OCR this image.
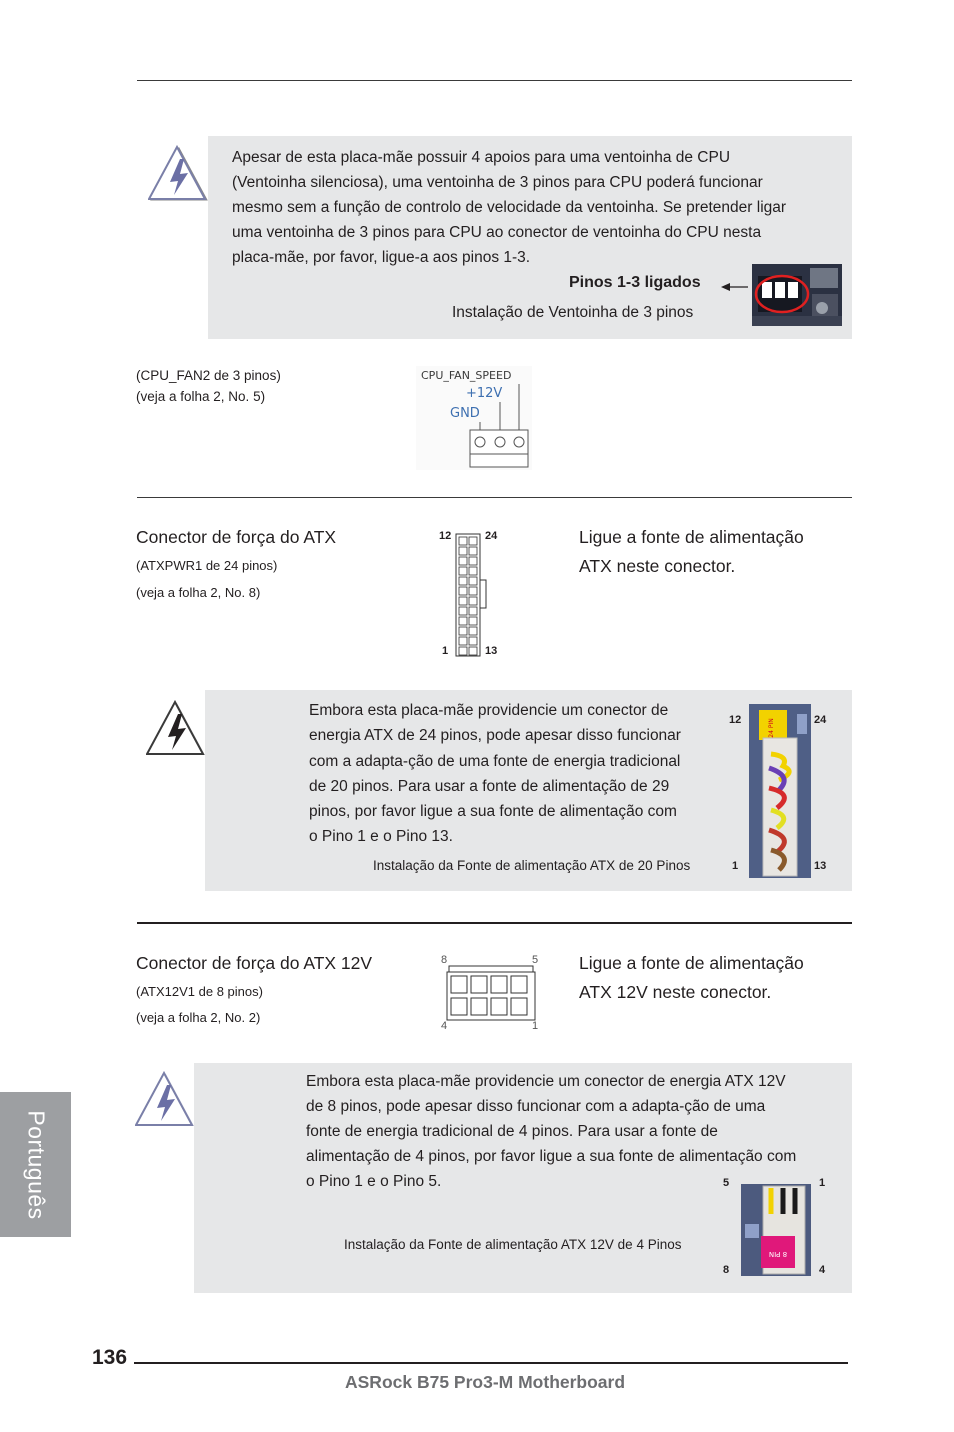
Apesar de esta placa-mãe possuir 4 apoios para uma ventoinha de CPU
(Ventoinha silenciosa), uma ventoinha de 3 pinos para CPU poderá funcionar
mesmo sem a função de controlo de velocidade da ventoinha. Se pretender ligar
uma ventoinha de 3 pinos para CPU ao conector de ventoinha do CPU nesta
placa-mãe, por favor, ligue-a aos pinos 1-3.
Pinos 1-3 ligados
Instalação de Ventoinha de 3 pinos
(CPU_FAN2 de 3 pinos)
(veja a folha 2, No. 5)
CPU_FAN_SPEED
+12V
GND
Conector de força do ATX
(ATXPWR1 de 24 pinos)
(veja a folha 2, No. 8)
12	24
1	13
Ligue a fonte de alimentação
ATX neste conector.
Embora esta placa-mãe providencie um conector de
energia ATX de 24 pinos, pode apesar disso funcionar
com a adapta-ção de uma fonte de energia tradicional
de 20 pinos. Para usar a fonte de alimentação de 29
pinos, por favor ligue a sua fonte de alimentação com
o Pino 1 e o Pino 13.
Instalação da Fonte de alimentação ATX de 20 Pinos
12	24
1	13
24 PIN
Conector de força do ATX 12V
(ATX12V1 de 8 pinos)
(veja a folha 2, No. 2)
8	5
4	1
Ligue a fonte de alimentação
ATX 12V neste conector.
Embora esta placa-mãe providencie um conector de energia ATX 12V
de 8 pinos, pode apesar disso funcionar com a adapta-ção de uma
fonte de energia tradicional de 4 pinos. Para usar a fonte de
alimentação de 4 pinos, por favor ligue a sua fonte de alimentação com
o Pino 1 e o Pino 5.
Instalação da Fonte de alimentação ATX 12V de 4 Pinos
5	1
8	4
8 PIN
Português
136
ASRock B75 Pro3-M Motherboard
